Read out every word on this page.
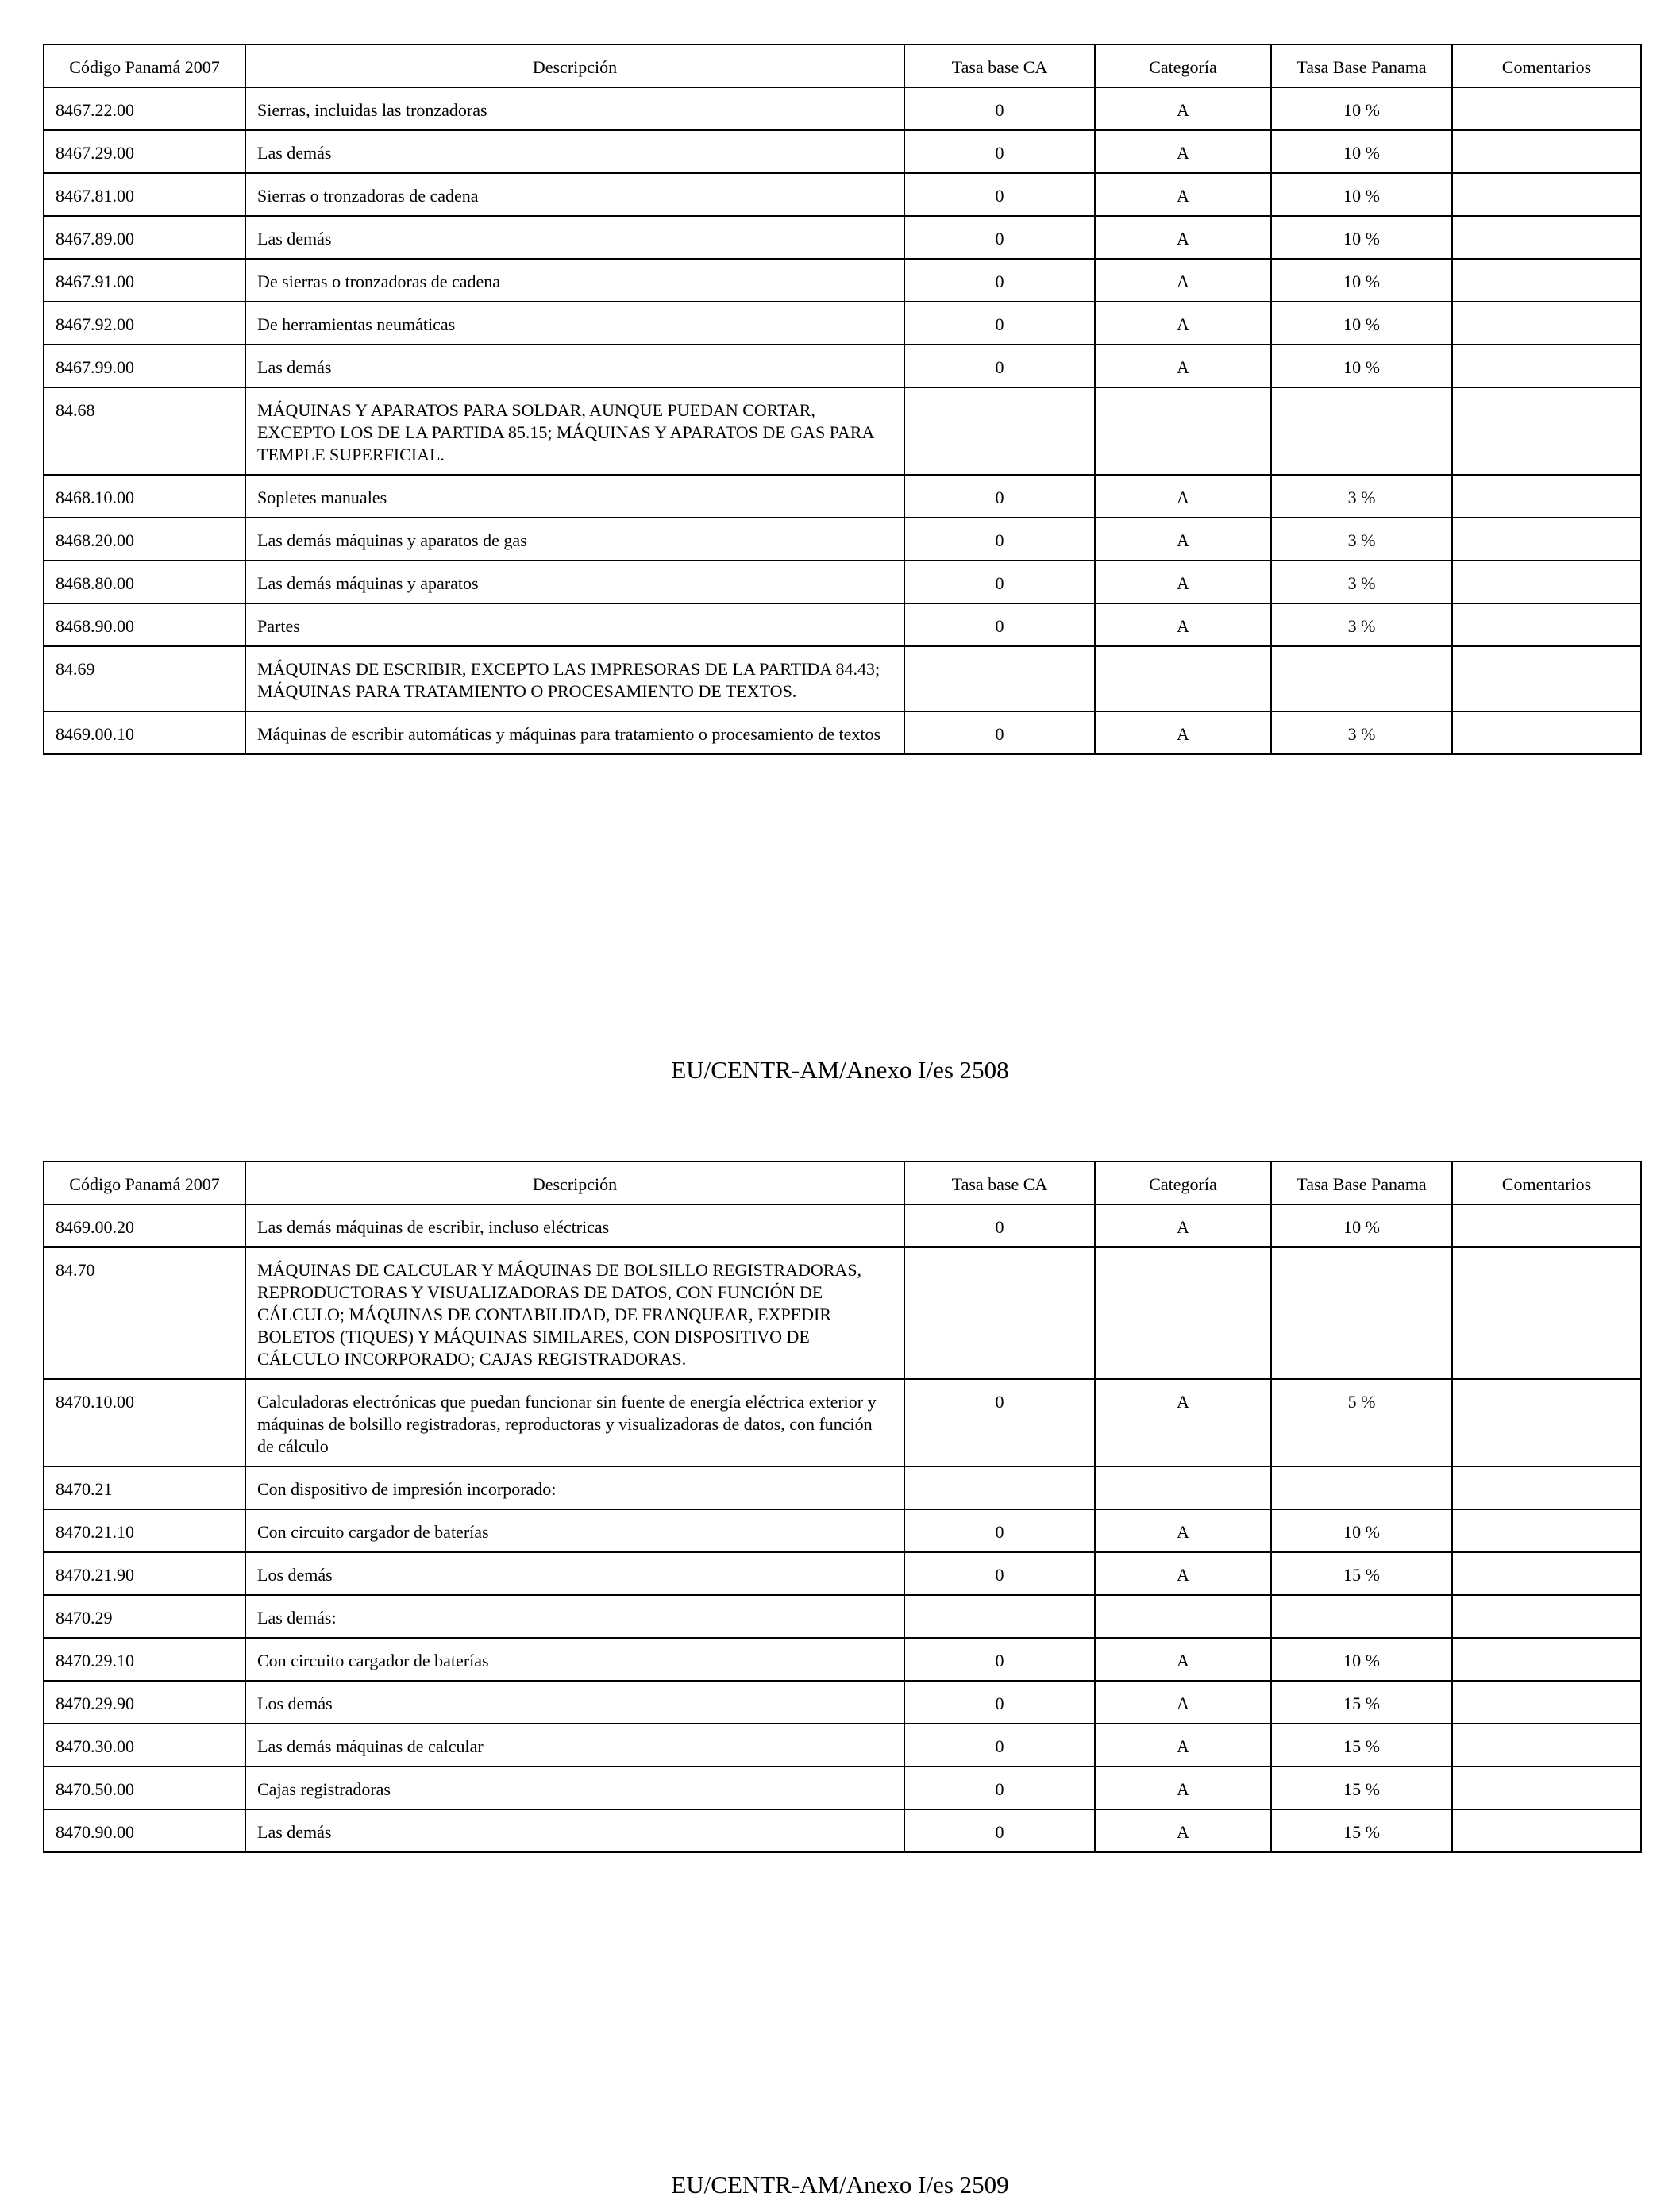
Código Panamá 2007	Descripción	Tasa base CA	Categoría	Tasa Base Panama	Comentarios
8467.22.00	Sierras, incluidas las tronzadoras	0	A	10 %	
8467.29.00	Las demás	0	A	10 %	
8467.81.00	Sierras o tronzadoras de cadena	0	A	10 %	
8467.89.00	Las demás	0	A	10 %	
8467.91.00	De sierras o tronzadoras de cadena	0	A	10 %	
8467.92.00	De herramientas neumáticas	0	A	10 %	
8467.99.00	Las demás	0	A	10 %	
84.68	MÁQUINAS Y APARATOS PARA SOLDAR, AUNQUE PUEDAN CORTAR, EXCEPTO LOS DE LA PARTIDA 85.15; MÁQUINAS Y APARATOS DE GAS PARA TEMPLE SUPERFICIAL.				
8468.10.00	Sopletes manuales	0	A	3 %	
8468.20.00	Las demás máquinas y aparatos de gas	0	A	3 %	
8468.80.00	Las demás máquinas y aparatos	0	A	3 %	
8468.90.00	Partes	0	A	3 %	
84.69	MÁQUINAS DE ESCRIBIR, EXCEPTO LAS IMPRESORAS DE LA PARTIDA 84.43; MÁQUINAS PARA TRATAMIENTO O PROCESAMIENTO DE TEXTOS.				
8469.00.10	Máquinas de escribir automáticas y máquinas para tratamiento o procesamiento de textos	0	A	3 %	
EU/CENTR-AM/Anexo I/es 2508
Código Panamá 2007	Descripción	Tasa base CA	Categoría	Tasa Base Panama	Comentarios
8469.00.20	Las demás máquinas de escribir, incluso eléctricas	0	A	10 %	
84.70	MÁQUINAS DE CALCULAR Y MÁQUINAS DE BOLSILLO REGISTRADORAS, REPRODUCTORAS Y VISUALIZADORAS DE DATOS, CON FUNCIÓN DE CÁLCULO; MÁQUINAS DE CONTABILIDAD, DE FRANQUEAR, EXPEDIR BOLETOS (TIQUES) Y MÁQUINAS SIMILARES, CON DISPOSITIVO DE CÁLCULO INCORPORADO; CAJAS REGISTRADORAS.				
8470.10.00	Calculadoras electrónicas que puedan funcionar sin fuente de energía eléctrica exterior y máquinas de bolsillo registradoras, reproductoras y visualizadoras de datos, con función de cálculo	0	A	5 %	
8470.21	Con dispositivo de impresión incorporado:				
8470.21.10	Con circuito cargador de baterías	0	A	10 %	
8470.21.90	Los demás	0	A	15 %	
8470.29	Las demás:				
8470.29.10	Con circuito cargador de baterías	0	A	10 %	
8470.29.90	Los demás	0	A	15 %	
8470.30.00	Las demás máquinas de calcular	0	A	15 %	
8470.50.00	Cajas registradoras	0	A	15 %	
8470.90.00	Las demás	0	A	15 %	
EU/CENTR-AM/Anexo I/es 2509
